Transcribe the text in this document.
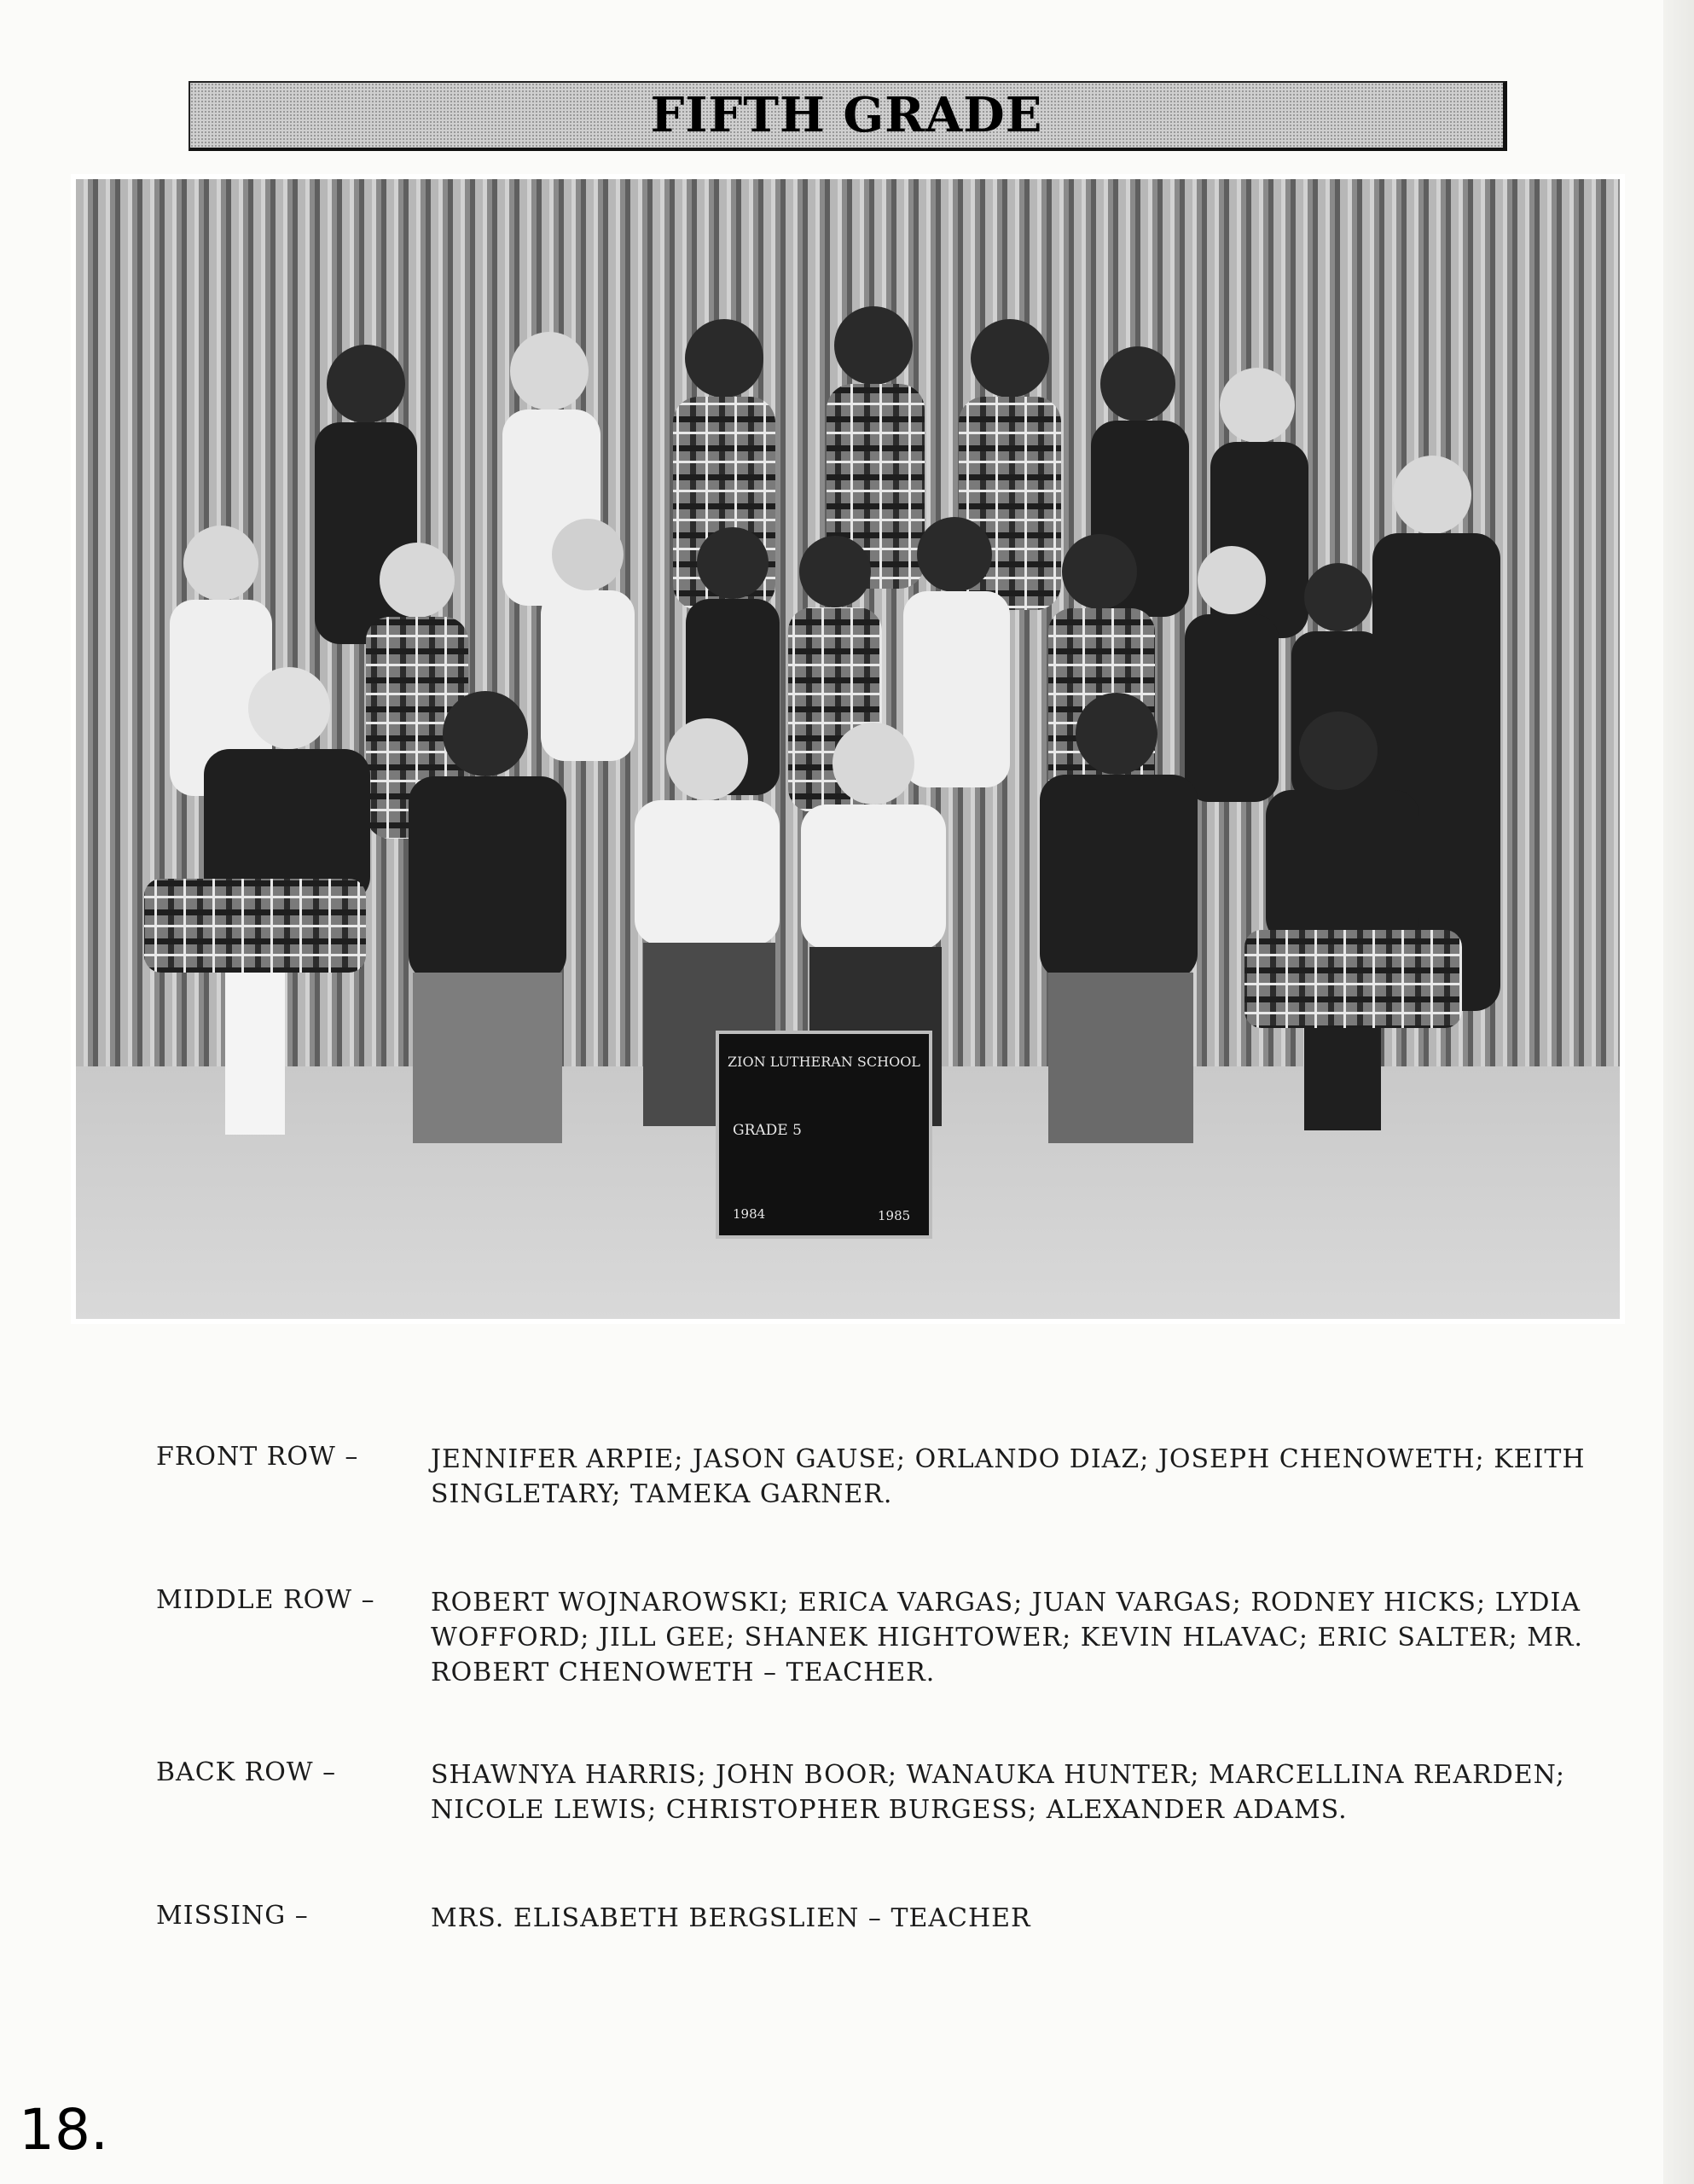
FIFTH GRADE
ZION LUTHERAN SCHOOL
GRADE 5
1984	1985
FRONT ROW –	JENNIFER ARPIE; JASON GAUSE; ORLANDO DIAZ; JOSEPH CHENOWETH; KEITH SINGLETARY; TAMEKA GARNER.
MIDDLE ROW –	ROBERT WOJNAROWSKI; ERICA VARGAS; JUAN VARGAS; RODNEY HICKS; LYDIA WOFFORD; JILL GEE; SHANEK HIGHTOWER; KEVIN HLAVAC; ERIC SALTER; MR. ROBERT CHENOWETH – TEACHER.
BACK ROW –	SHAWNYA HARRIS; JOHN BOOR; WANAUKA HUNTER; MARCELLINA REARDEN; NICOLE LEWIS; CHRISTOPHER BURGESS; ALEXANDER ADAMS.
MISSING –	MRS. ELISABETH BERGSLIEN – TEACHER
18.
